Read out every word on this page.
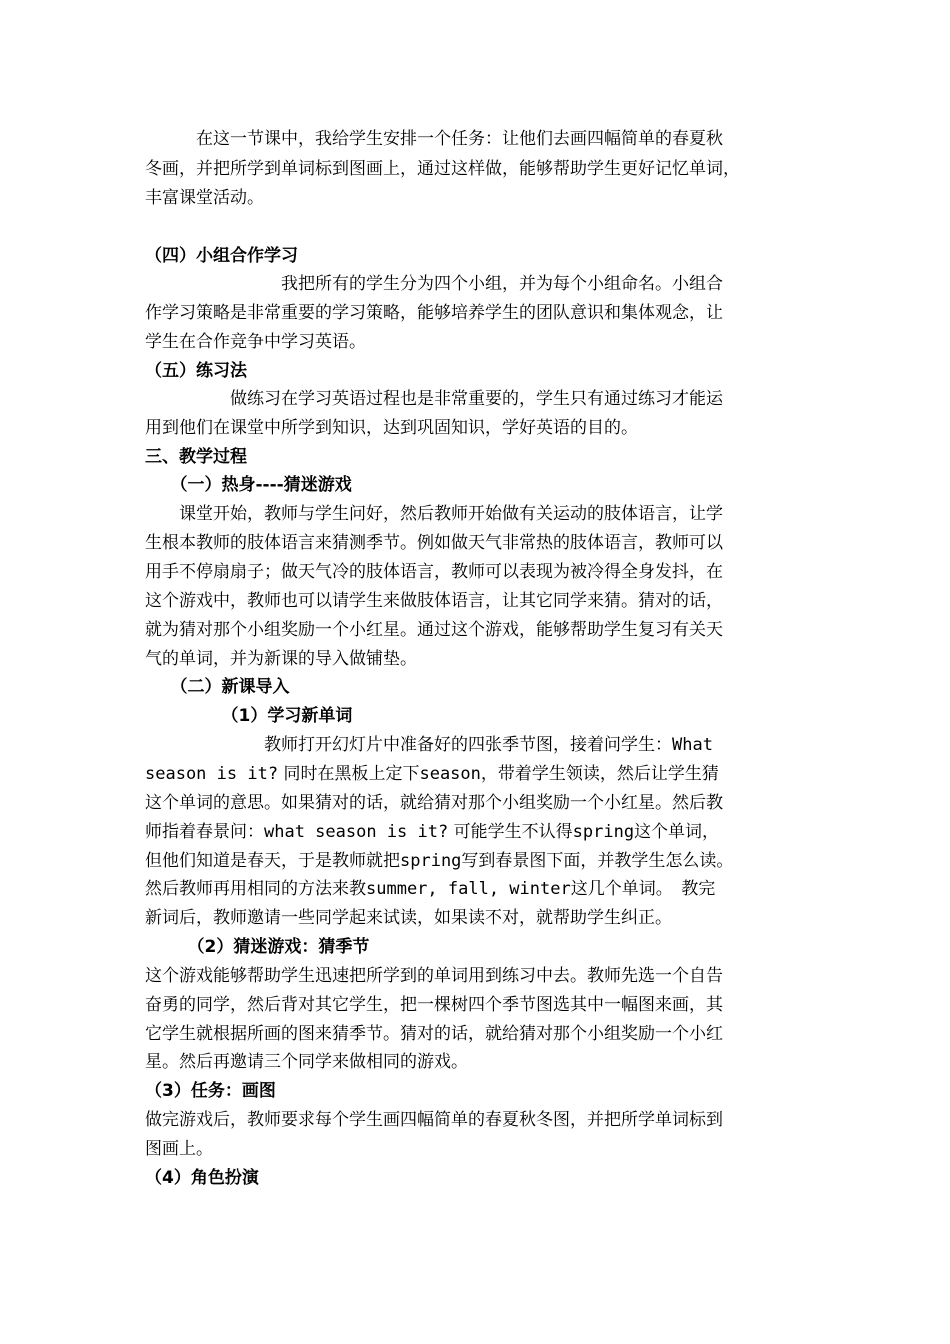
　　　在这一节课中，我给学生安排一个任务：让他们去画四幅简单的春夏秋
冬画，并把所学到单词标到图画上，通过这样做，能够帮助学生更好记忆单词，
丰富课堂活动。
（四）小组合作学习
　　　　　　　　我把所有的学生分为四个小组，并为每个小组命名。小组合
作学习策略是非常重要的学习策略，能够培养学生的团队意识和集体观念，让
学生在合作竞争中学习英语。
（五）练习法
　　　　　做练习在学习英语过程也是非常重要的，学生只有通过练习才能运
用到他们在课堂中所学到知识，达到巩固知识，学好英语的目的。
三、教学过程
　　（一）热身----猜迷游戏
　　课堂开始，教师与学生问好，然后教师开始做有关运动的肢体语言，让学
生根本教师的肢体语言来猜测季节。例如做天气非常热的肢体语言，教师可以
用手不停扇扇子；做天气冷的肢体语言，教师可以表现为被冷得全身发抖，在
这个游戏中，教师也可以请学生来做肢体语言，让其它同学来猜。猜对的话，
就为猜对那个小组奖励一个小红星。通过这个游戏，能够帮助学生复习有关天
气的单词，并为新课的导入做铺垫。
　　（二）新课导入
　　　　　（1）学习新单词
　　　　　　　教师打开幻灯片中准备好的四张季节图，接着问学生：What
season is it? 同时在黑板上定下season，带着学生领读，然后让学生猜
这个单词的意思。如果猜对的话，就给猜对那个小组奖励一个小红星。然后教
师指着春景问：what season is it? 可能学生不认得spring这个单词，
但他们知道是春天，于是教师就把spring写到春景图下面，并教学生怎么读。
然后教师再用相同的方法来教summer, fall, winter这几个单词。　教完
新词后，教师邀请一些同学起来试读，如果读不对，就帮助学生纠正。
　　　（2）猜迷游戏：猜季节
这个游戏能够帮助学生迅速把所学到的单词用到练习中去。教师先选一个自告
奋勇的同学，然后背对其它学生，把一棵树四个季节图选其中一幅图来画，其
它学生就根据所画的图来猜季节。猜对的话，就给猜对那个小组奖励一个小红
星。然后再邀请三个同学来做相同的游戏。
（3）任务：画图
做完游戏后，教师要求每个学生画四幅简单的春夏秋冬图，并把所学单词标到
图画上。
（4）角色扮演
